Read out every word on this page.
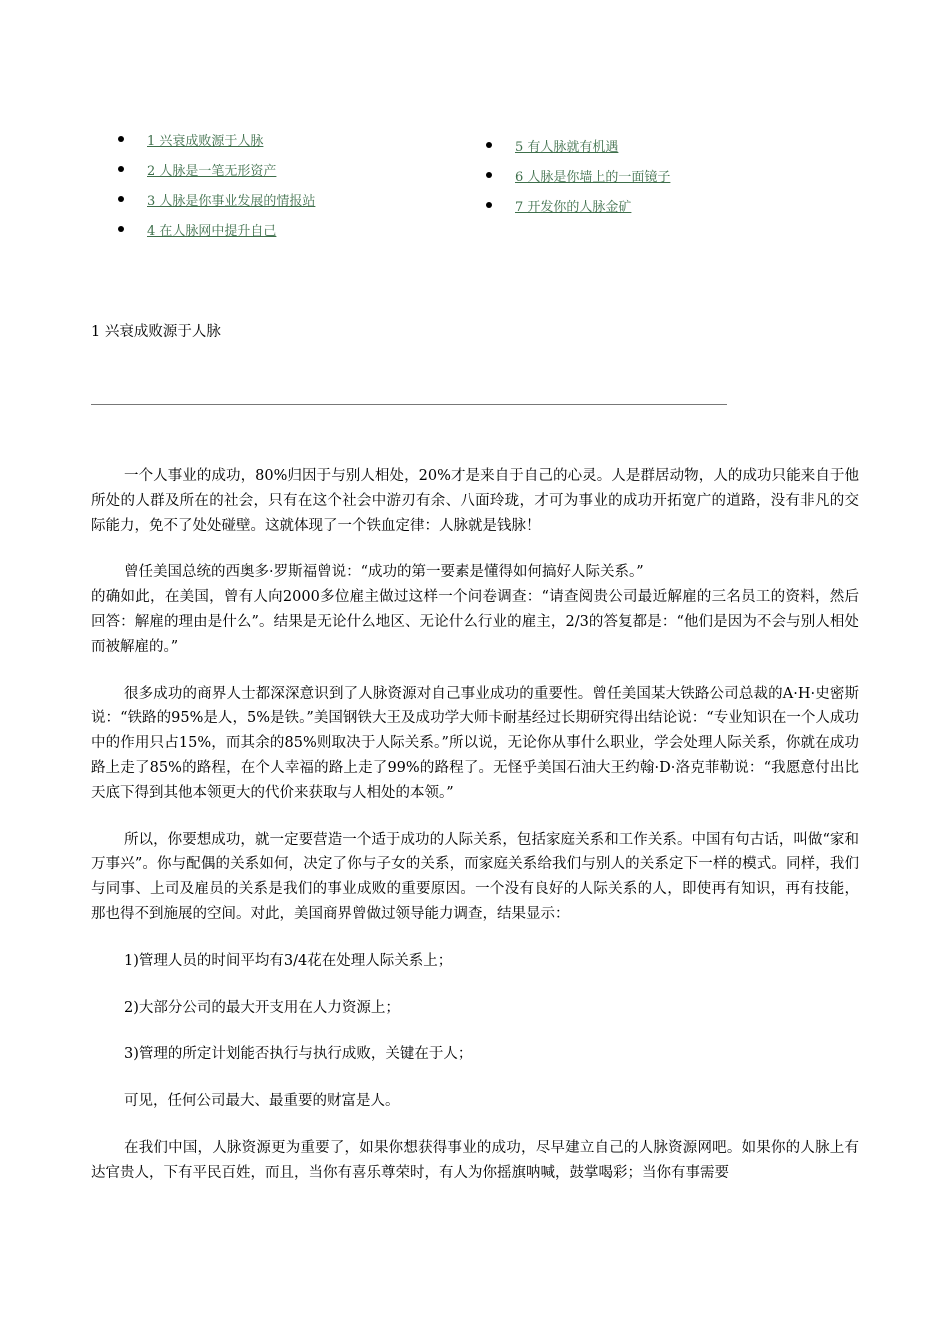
1 兴衰成败源于人脉
2 人脉是一笔无形资产
3 人脉是你事业发展的情报站
4 在人脉网中提升自己
5 有人脉就有机遇
6 人脉是你墙上的一面镜子
7 开发你的人脉金矿
1 兴衰成败源于人脉

一个人事业的成功，80%归因于与别人相处，20%才是来自于自己的心灵。人是群居动物，人的成功只能来自于他所处的人群及所在的社会，只有在这个社会中游刃有余、八面玲珑，才可为事业的成功开拓宽广的道路，没有非凡的交际能力，免不了处处碰壁。这就体现了一个铁血定律：人脉就是钱脉！

曾任美国总统的西奥多·罗斯福曾说：“成功的第一要素是懂得如何搞好人际关系。”

的确如此，在美国，曾有人向2000多位雇主做过这样一个问卷调查：“请查阅贵公司最近解雇的三名员工的资料，然后回答：解雇的理由是什么”。结果是无论什么地区、无论什么行业的雇主，2/3的答复都是：“他们是因为不会与别人相处而被解雇的。”

很多成功的商界人士都深深意识到了人脉资源对自己事业成功的重要性。曾任美国某大铁路公司总裁的A·H·史密斯说：“铁路的95%是人，5%是铁。”美国钢铁大王及成功学大师卡耐基经过长期研究得出结论说：“专业知识在一个人成功中的作用只占15%，而其余的85%则取决于人际关系。”所以说，无论你从事什么职业，学会处理人际关系，你就在成功路上走了85%的路程，在个人幸福的路上走了99%的路程了。无怪乎美国石油大王约翰·D·洛克菲勒说：“我愿意付出比天底下得到其他本领更大的代价来获取与人相处的本领。”

所以，你要想成功，就一定要营造一个适于成功的人际关系，包括家庭关系和工作关系。中国有句古话，叫做“家和万事兴”。你与配偶的关系如何，决定了你与子女的关系，而家庭关系给我们与别人的关系定下一样的模式。同样，我们与同事、上司及雇员的关系是我们的事业成败的重要原因。一个没有良好的人际关系的人，即使再有知识，再有技能，那也得不到施展的空间。对此，美国商界曾做过领导能力调查，结果显示：

1)管理人员的时间平均有3/4花在处理人际关系上；

2)大部分公司的最大开支用在人力资源上；

3)管理的所定计划能否执行与执行成败，关键在于人；

可见，任何公司最大、最重要的财富是人。

在我们中国，人脉资源更为重要了，如果你想获得事业的成功，尽早建立自己的人脉资源网吧。如果你的人脉上有达官贵人，下有平民百姓，而且，当你有喜乐尊荣时，有人为你摇旗呐喊，鼓掌喝彩；当你有事需要
